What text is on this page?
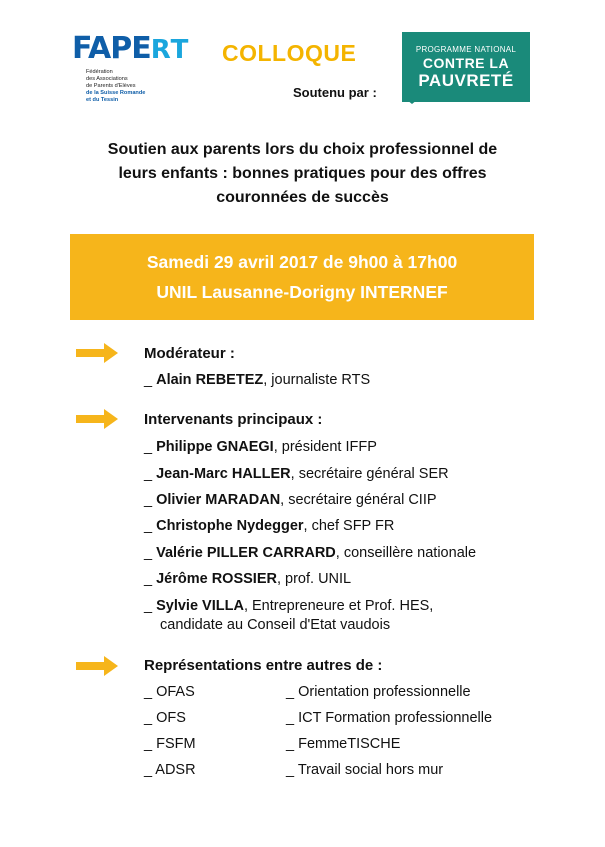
FAPERT
Fédération
des Associations
de Parents d'Elèves
de la Suisse Romande
et du Tessin
COLLOQUE
Soutenu par :
PROGRAMME NATIONAL
CONTRE LA
PAUVRETÉ
Soutien aux parents lors du choix professionnel de
leurs enfants : bonnes pratiques pour des offres
couronnées de succès
Samedi 29 avril 2017 de 9h00 à 17h00
UNIL Lausanne-Dorigny INTERNEF
Modérateur :
_ Alain REBETEZ, journaliste RTS
Intervenants principaux :
_ Philippe GNAEGI, président IFFP
_ Jean-Marc HALLER, secrétaire général SER
_ Olivier MARADAN, secrétaire général CIIP
_ Christophe Nydegger, chef SFP FR
_ Valérie PILLER CARRARD, conseillère nationale
_ Jérôme ROSSIER, prof. UNIL
_ Sylvie VILLA, Entrepreneure et Prof. HES,
candidate au Conseil d'Etat vaudois
Représentations entre autres de :
_ OFAS	_ Orientation professionnelle
_ OFS	_ ICT Formation professionnelle
_ FSFM	_ FemmeTISCHE
_ ADSR	_ Travail social hors mur
